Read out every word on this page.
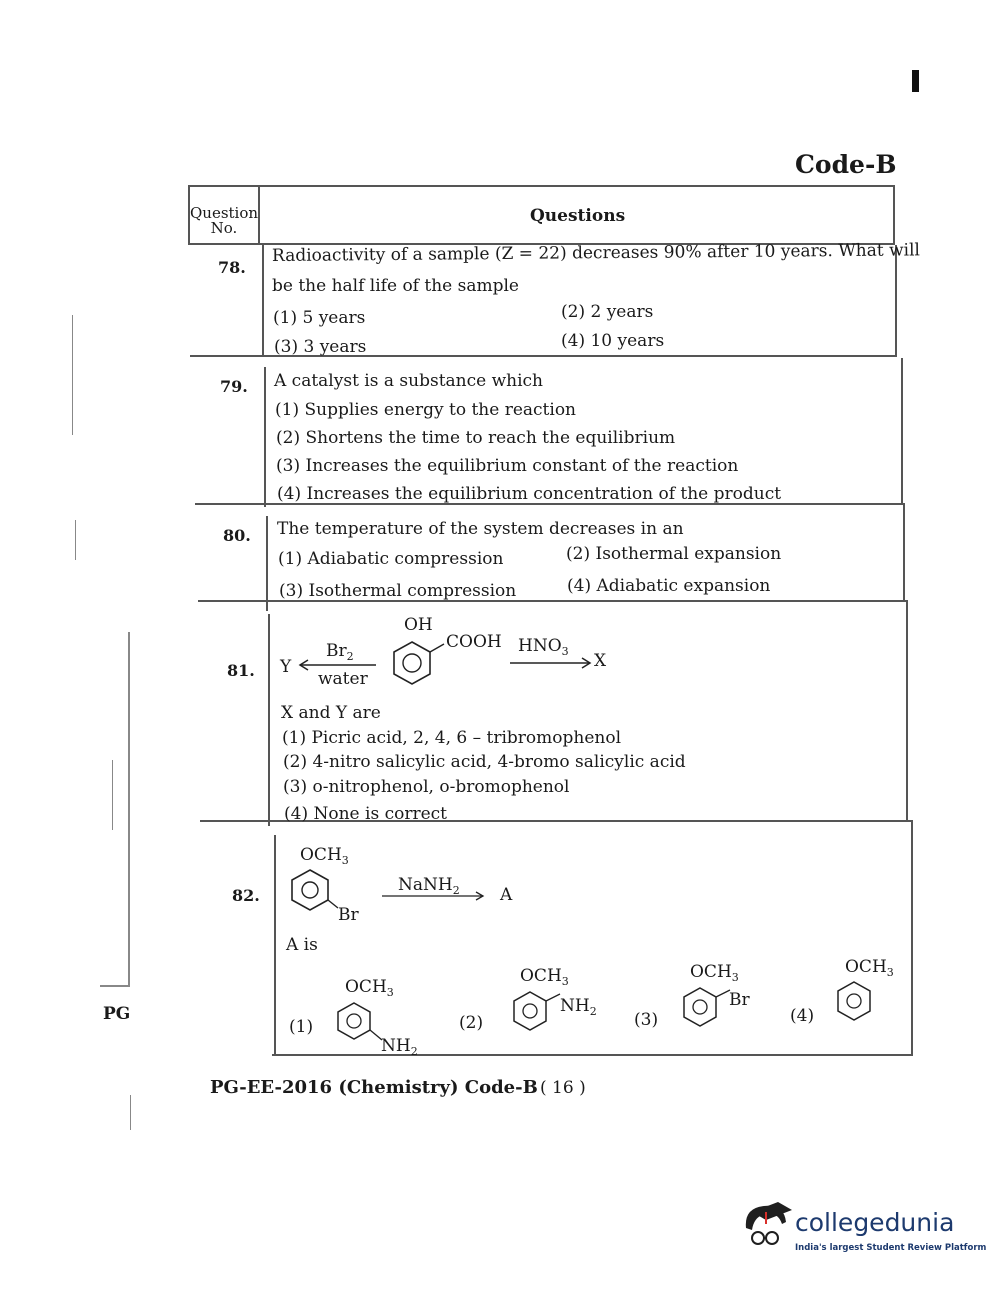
Code-B
PG
Question No.
Questions
78.
Radioactivity of a sample (Z = 22) decreases 90% after 10 years. What will
be the half life of the sample
(1) 5 years	(2) 2 years
(3) 3 years	(4) 10 years
79. A catalyst is a substance which
(1) Supplies energy to the reaction
(2) Shortens the time to reach the equilibrium
(3) Increases the equilibrium constant of the reaction
(4) Increases the equilibrium concentration of the product
80. The temperature of the system decreases in an
(1) Adiabatic compression	(2) Isothermal expansion
(3) Isothermal compression	(4) Adiabatic expansion
81. Y
$Br_2$
water
OH
COOH $HNO_3$ X
X and Y are
(1) Picric acid, 2, 4, 6 – tribromophenol
(2) 4-nitro salicylic acid, 4-bromo salicylic acid
(3) o-nitrophenol, o-bromophenol
(4) None is correct
82.
$OCH_3$
Br
NaNH$_2$ A
A is
(1)
$OCH_3$
$NH_2$
(2)
$OCH_3$
$NH_2$ (3)
$OCH_3$
Br
(4)
$OCH_3$
PG-EE-2016 (Chemistry) Code-B ( 16 )
collegedunia
India's largest Student Review Platform
